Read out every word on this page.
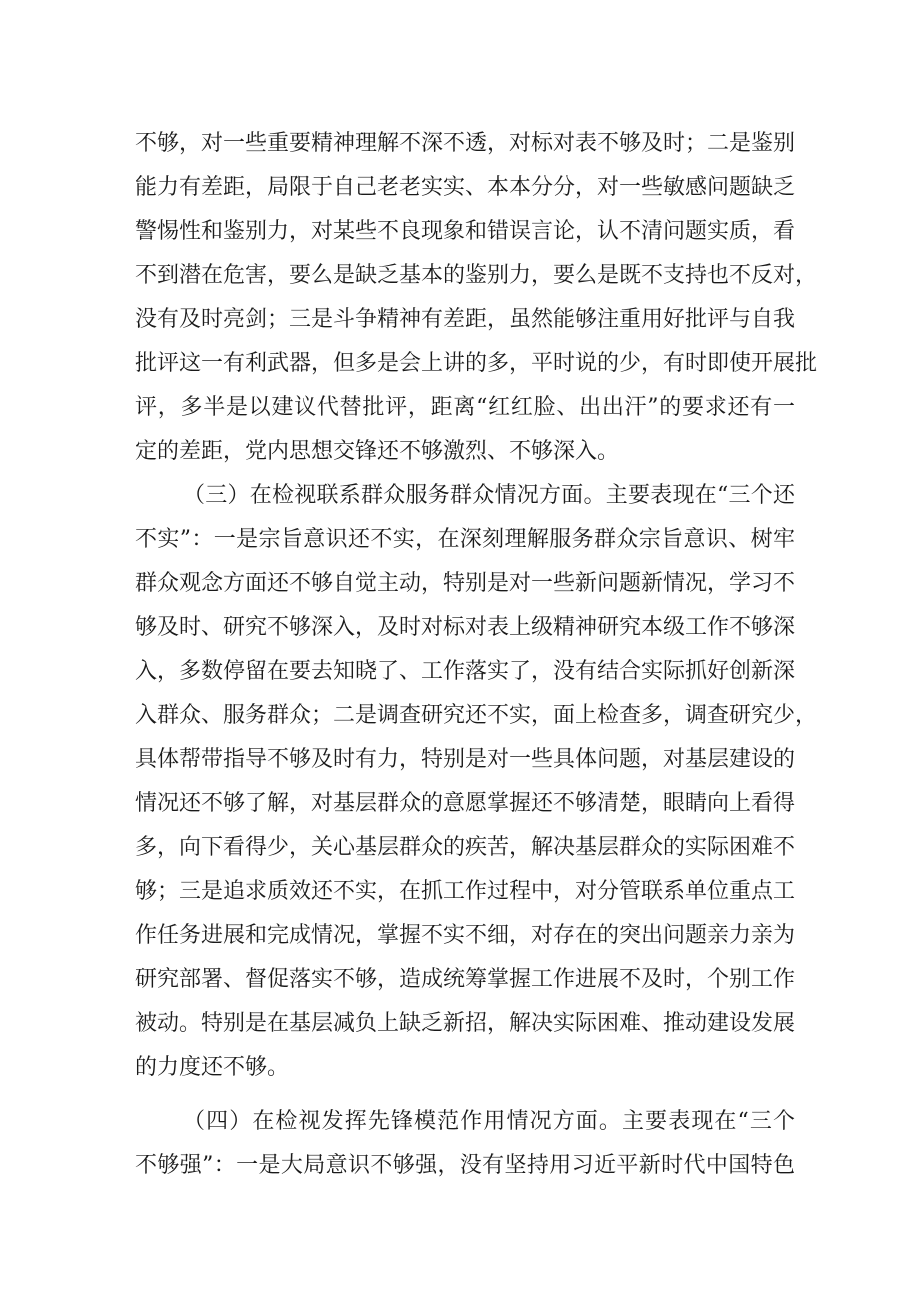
不够，对一些重要精神理解不深不透，对标对表不够及时；二是鉴别
能力有差距，局限于自己老老实实、本本分分，对一些敏感问题缺乏
警惕性和鉴别力，对某些不良现象和错误言论，认不清问题实质，看
不到潜在危害，要么是缺乏基本的鉴别力，要么是既不支持也不反对，
没有及时亮剑；三是斗争精神有差距，虽然能够注重用好批评与自我
批评这一有利武器，但多是会上讲的多，平时说的少，有时即使开展批
评，多半是以建议代替批评，距离“红红脸、出出汗”的要求还有一
定的差距，党内思想交锋还不够激烈、不够深入。
（三）在检视联系群众服务群众情况方面。主要表现在“三个还
不实”：一是宗旨意识还不实，在深刻理解服务群众宗旨意识、树牢
群众观念方面还不够自觉主动，特别是对一些新问题新情况，学习不
够及时、研究不够深入，及时对标对表上级精神研究本级工作不够深
入，多数停留在要去知晓了、工作落实了，没有结合实际抓好创新深
入群众、服务群众；二是调查研究还不实，面上检查多，调查研究少，
具体帮带指导不够及时有力，特别是对一些具体问题，对基层建设的
情况还不够了解，对基层群众的意愿掌握还不够清楚，眼睛向上看得
多，向下看得少，关心基层群众的疾苦，解决基层群众的实际困难不
够；三是追求质效还不实，在抓工作过程中，对分管联系单位重点工
作任务进展和完成情况，掌握不实不细，对存在的突出问题亲力亲为
研究部署、督促落实不够，造成统筹掌握工作进展不及时，个别工作
被动。特别是在基层减负上缺乏新招，解决实际困难、推动建设发展
的力度还不够。
（四）在检视发挥先锋模范作用情况方面。主要表现在“三个
不够强”：一是大局意识不够强，没有坚持用习近平新时代中国特色
